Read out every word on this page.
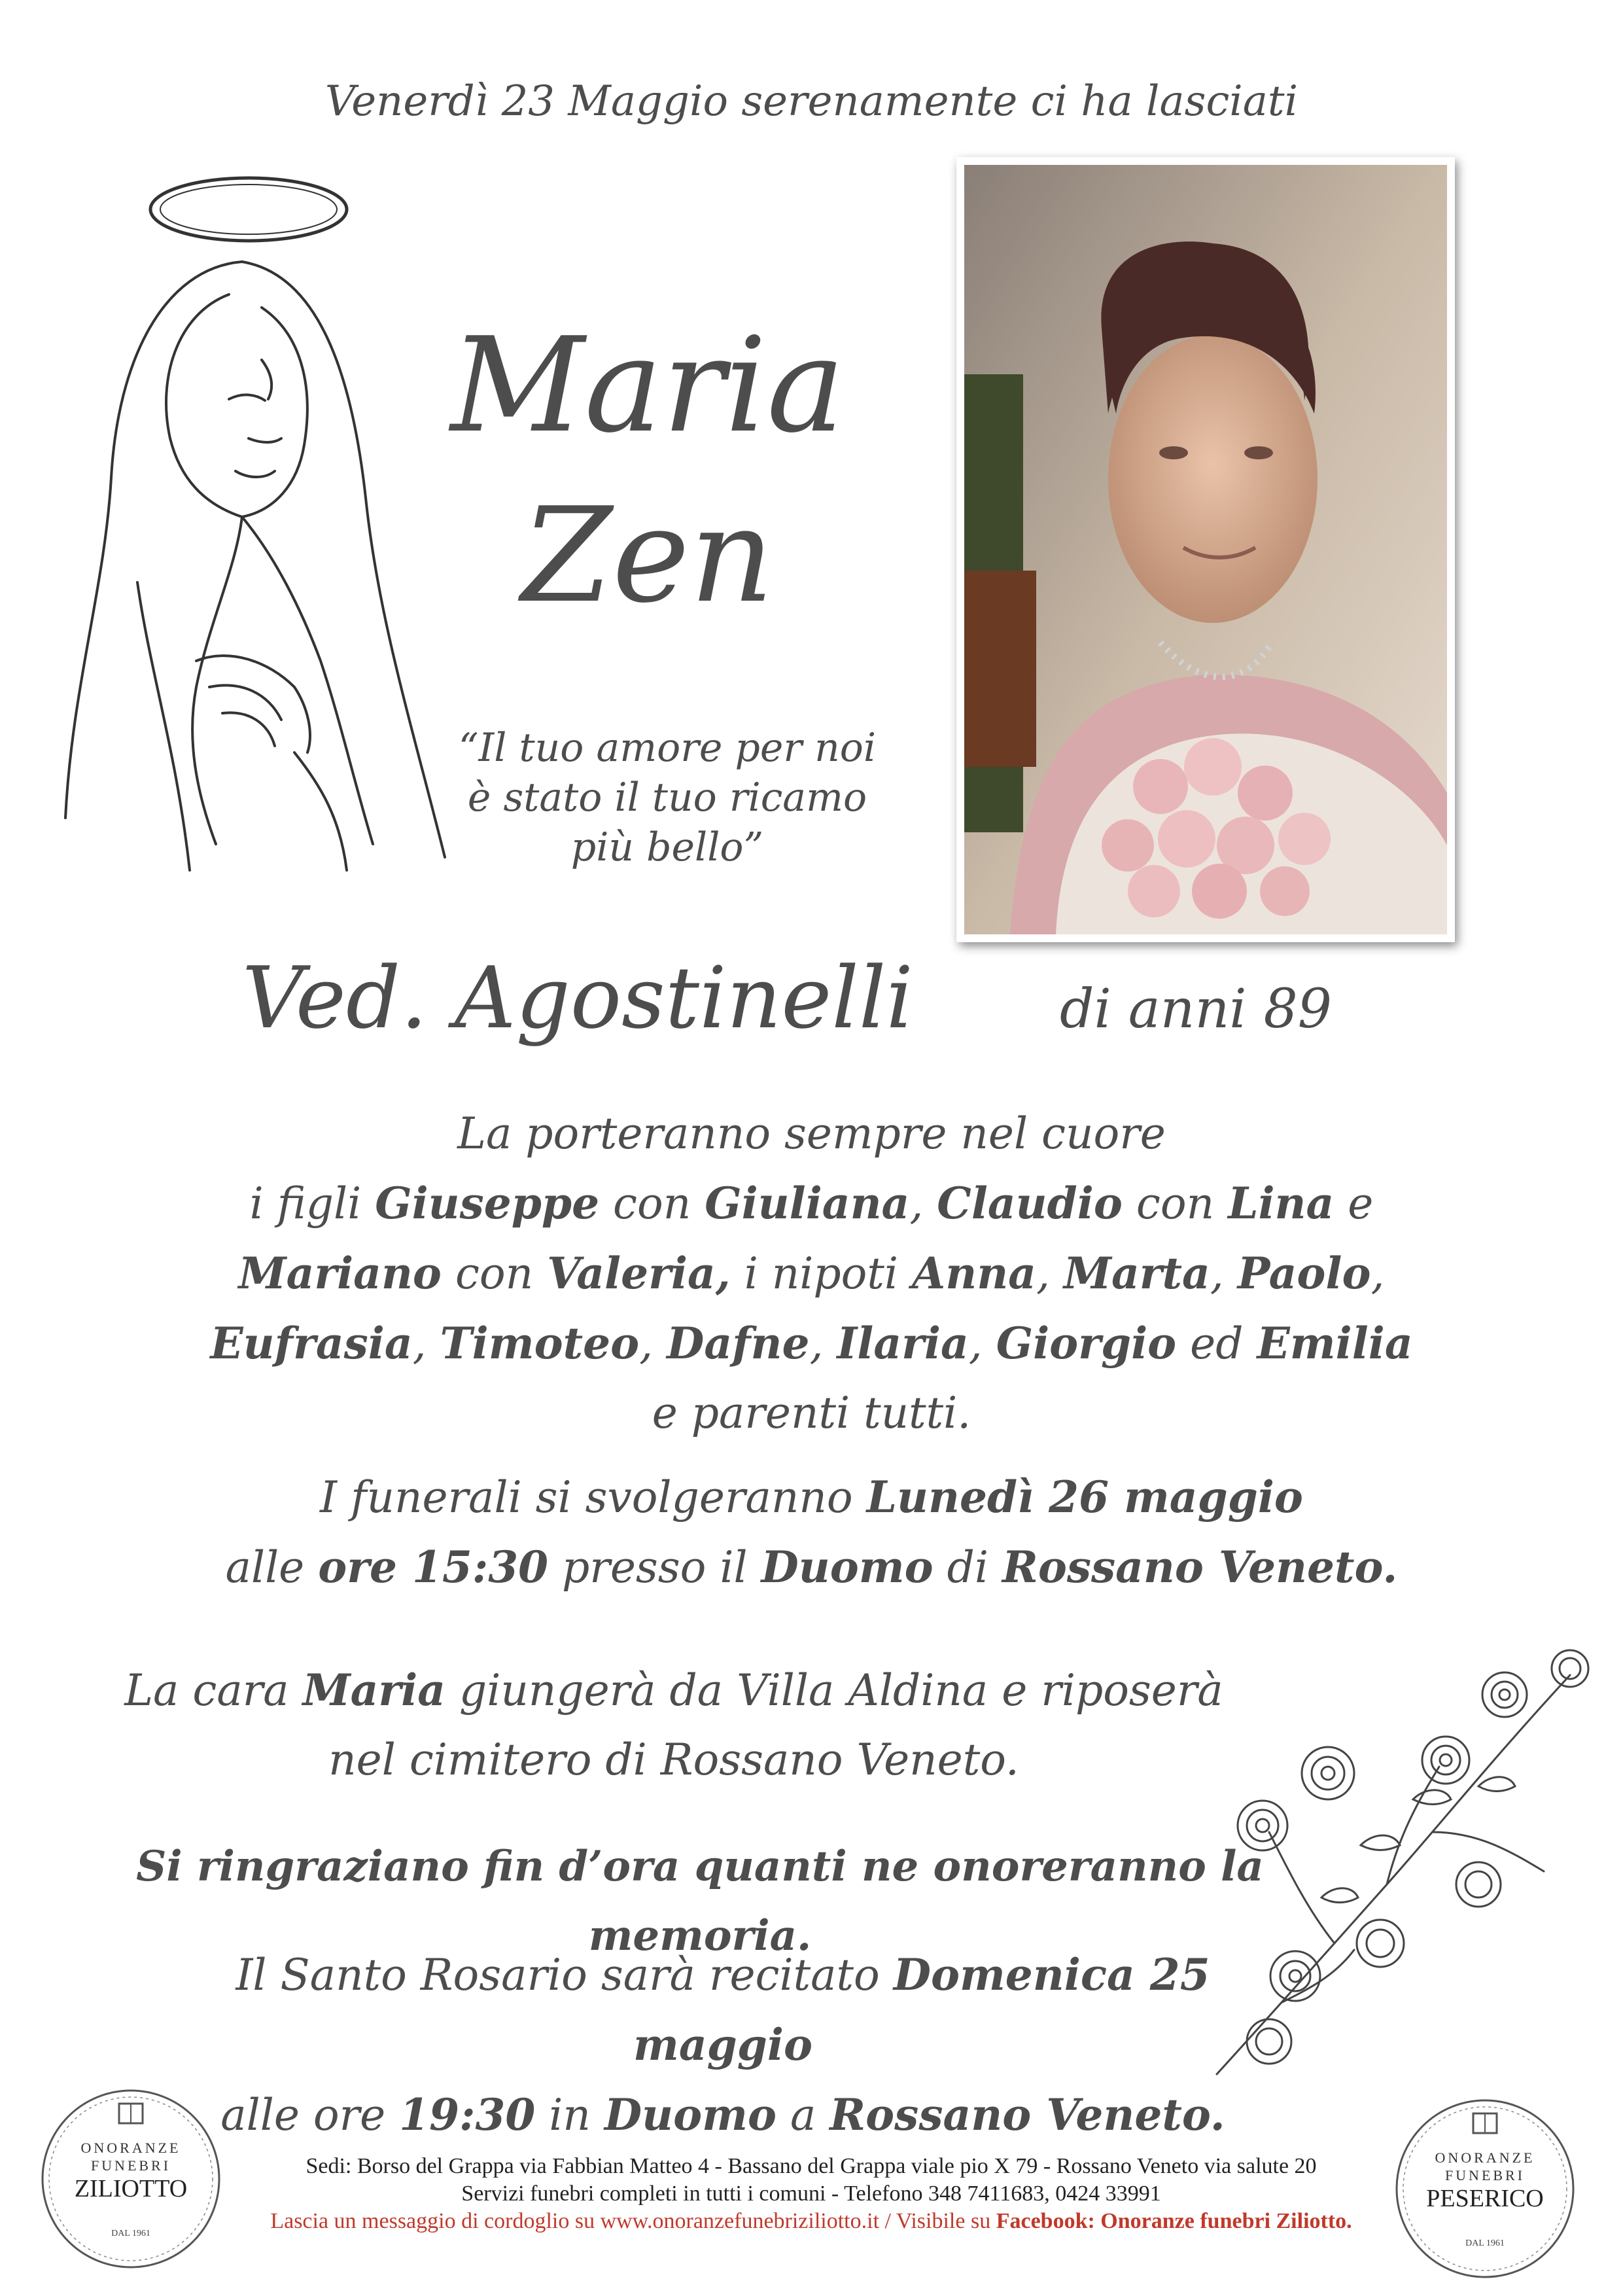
Venerdì 23 Maggio serenamente ci ha lasciati
Maria
Zen
“Il tuo amore per noi
è stato il tuo ricamo
più bello”
Ved. Agostinelli	di anni 89
La porteranno sempre nel cuore
i figli Giuseppe con Giuliana, Claudio con Lina e
Mariano con Valeria, i nipoti Anna, Marta, Paolo,
Eufrasia, Timoteo, Dafne, Ilaria, Giorgio ed Emilia
e parenti tutti.
I funerali si svolgeranno Lunedì 26 maggio
alle ore 15:30 presso il Duomo di Rossano Veneto.
La cara Maria giungerà da Villa Aldina e riposerà
nel cimitero di Rossano Veneto.
Si ringraziano fin d’ora quanti ne onoreranno la memoria.
Il Santo Rosario sarà recitato Domenica 25 maggio
alle ore 19:30 in Duomo a Rossano Veneto.
ONORANZE
FUNEBRI
ZILIOTTO
DAL 1961
ONORANZE
FUNEBRI
PESERICO
DAL 1961
Sedi: Borso del Grappa via Fabbian Matteo 4 - Bassano del Grappa viale pio X 79 - Rossano Veneto via salute 20
Servizi funebri completi in tutti i comuni - Telefono 348 7411683, 0424 33991
Lascia un messaggio di cordoglio su www.onoranzefunebriziliotto.it / Visibile su Facebook: Onoranze funebri Ziliotto.
